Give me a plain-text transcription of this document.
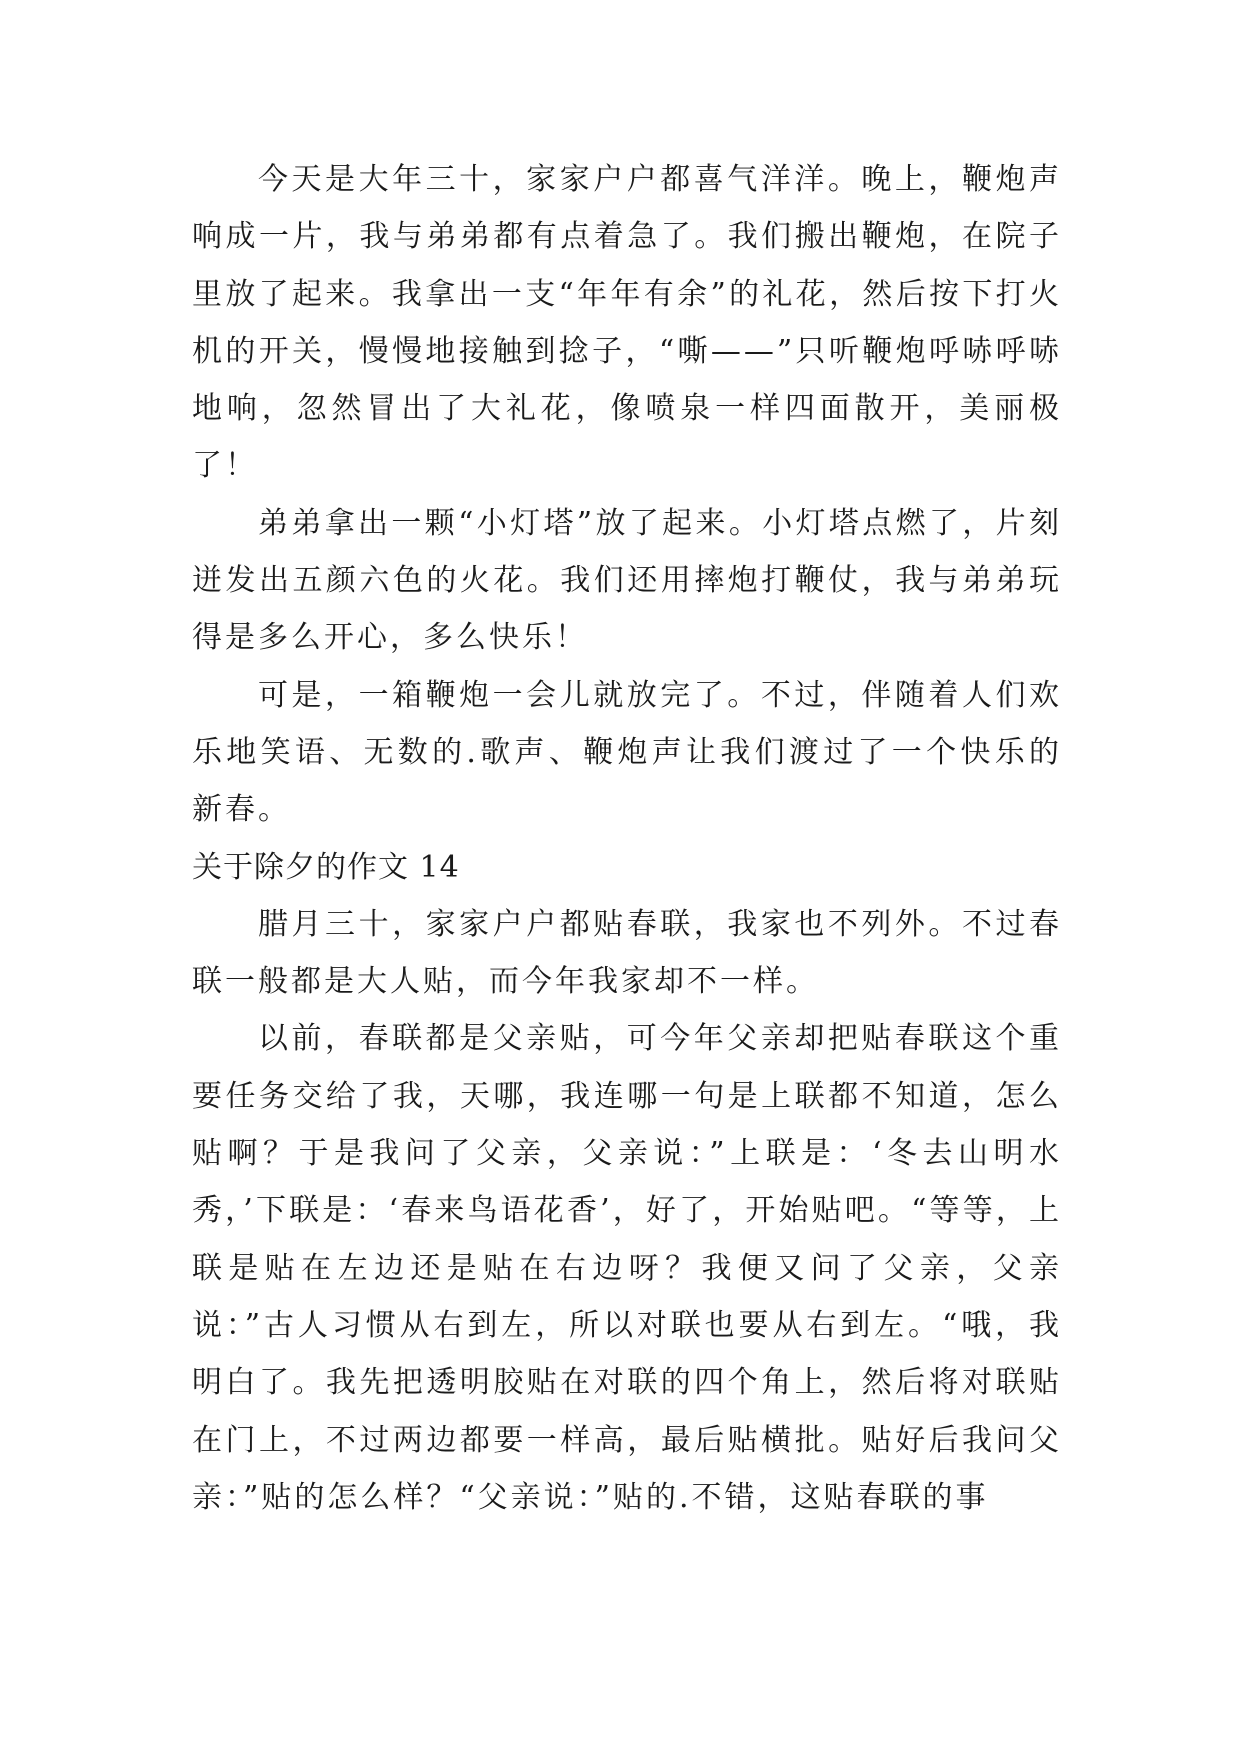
今天是大年三十，家家户户都喜气洋洋。晚上，鞭炮声响成一片，我与弟弟都有点着急了。我们搬出鞭炮，在院子里放了起来。我拿出一支“年年有余”的礼花，然后按下打火机的开关，慢慢地接触到捻子，“嘶——”只听鞭炮呼哧呼哧地响，忽然冒出了大礼花，像喷泉一样四面散开，美丽极了！

弟弟拿出一颗“小灯塔”放了起来。小灯塔点燃了，片刻迸发出五颜六色的火花。我们还用摔炮打鞭仗，我与弟弟玩得是多么开心，多么快乐！

可是，一箱鞭炮一会儿就放完了。不过，伴随着人们欢乐地笑语、无数的.歌声、鞭炮声让我们渡过了一个快乐的新春。

关于除夕的作文 14

腊月三十，家家户户都贴春联，我家也不列外。不过春联一般都是大人贴，而今年我家却不一样。

以前，春联都是父亲贴，可今年父亲却把贴春联这个重要任务交给了我，天哪，我连哪一句是上联都不知道，怎么贴啊？于是我问了父亲，父亲说：”上联是：‘冬去山明水秀，’下联是：‘春来鸟语花香’，好了，开始贴吧。“等等，上联是贴在左边还是贴在右边呀？我便又问了父亲，父亲说：”古人习惯从右到左，所以对联也要从右到左。“哦，我明白了。我先把透明胶贴在对联的四个角上，然后将对联贴在门上，不过两边都要一样高，最后贴横批。贴好后我问父亲：”贴的怎么样？“父亲说：”贴的.不错，这贴春联的事
